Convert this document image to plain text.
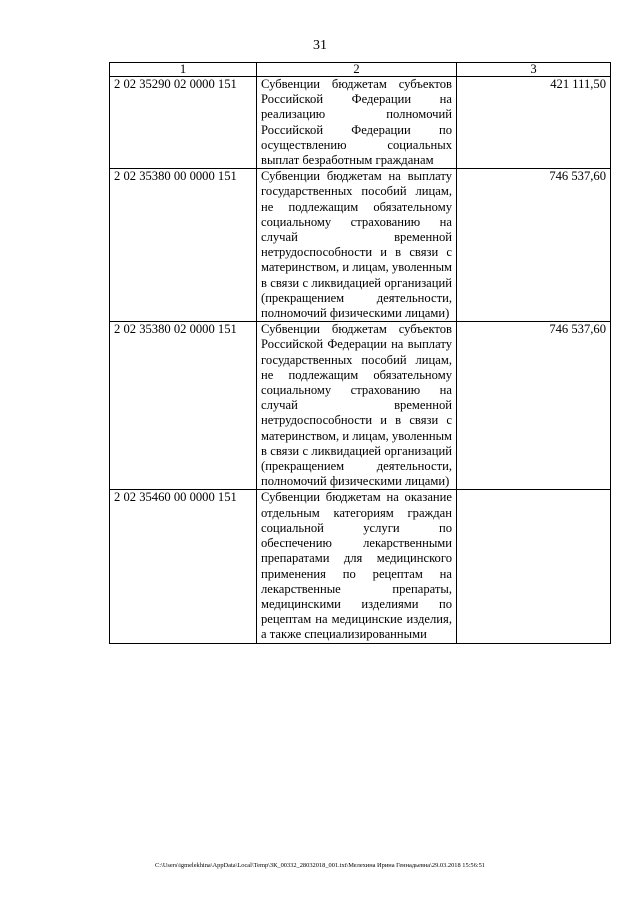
31
1	2	3
2 02 35290 02 0000 151	Субвенции бюджетам субъектов Российской Федерации на реализацию полномочий Российской Федерации по осуществлению социальных выплат безработным гражданам	421 111,50
2 02 35380 00 0000 151	Субвенции бюджетам на выплату государственных пособий лицам, не подлежащим обязательному социальному страхованию на случай временной нетрудоспособности и в связи с материнством, и лицам, уволенным в связи с ликвидацией организаций (прекращением деятельности, полномочий физическими лицами)	746 537,60
2 02 35380 02 0000 151	Субвенции бюджетам субъектов Российской Федерации на выплату государственных пособий лицам, не подлежащим обязательному социальному страхованию на случай временной нетрудоспособности и в связи с материнством, и лицам, уволенным в связи с ликвидацией организаций (прекращением деятельности, полномочий физическими лицами)	746 537,60
2 02 35460 00 0000 151	Субвенции бюджетам на оказание отдельным категориям граждан социальной услуги по обеспечению лекарственными препаратами для медицинского применения по рецептам на лекарственные препараты, медицинскими изделиями по рецептам на медицинские изделия, а также специализированными	
C:\Users\igmelekhina\AppData\Local\Temp\ЗК_00332_28032018_001.txt\Мелехина Ирина Геннадьевна\29.03.2018 15:56:51
